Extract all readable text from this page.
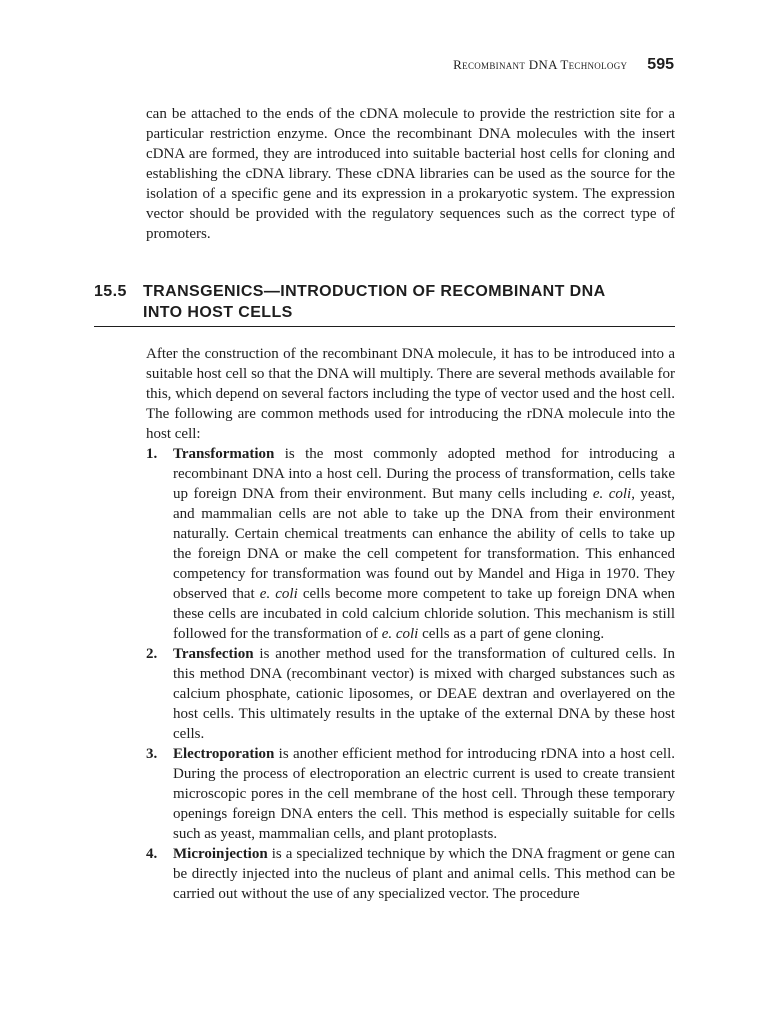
Recombinant DNA Technology 595

can be attached to the ends of the cDNA molecule to provide the restriction site for a particular restriction enzyme. Once the recombinant DNA molecules with the insert cDNA are formed, they are introduced into suitable bacterial host cells for cloning and establishing the cDNA library. These cDNA libraries can be used as the source for the isolation of a specific gene and its expression in a prokaryotic system. The expression vector should be provided with the regulatory sequences such as the correct type of promoters.

15.5 TRANSGENICS—INTRODUCTION OF RECOMBINANT DNA
INTO HOST CELLS

After the construction of the recombinant DNA molecule, it has to be introduced into a suitable host cell so that the DNA will multiply. There are several methods available for this, which depend on several factors including the type of vector used and the host cell. The following are common methods used for introducing the rDNA molecule into the host cell:

1. Transformation is the most commonly adopted method for introducing a recombinant DNA into a host cell. During the process of transformation, cells take up foreign DNA from their environment. But many cells including e. coli, yeast, and mammalian cells are not able to take up the DNA from their environment naturally. Certain chemical treatments can enhance the ability of cells to take up the foreign DNA or make the cell competent for transformation. This enhanced competency for transformation was found out by Mandel and Higa in 1970. They observed that e. coli cells become more competent to take up foreign DNA when these cells are incubated in cold calcium chloride solution. This mechanism is still followed for the transformation of e. coli cells as a part of gene cloning.
2. Transfection is another method used for the transformation of cultured cells. In this method DNA (recombinant vector) is mixed with charged substances such as calcium phosphate, cationic liposomes, or DEAE dextran and overlayered on the host cells. This ultimately results in the uptake of the external DNA by these host cells.
3. Electroporation is another efficient method for introducing rDNA into a host cell. During the process of electroporation an electric current is used to create transient microscopic pores in the cell membrane of the host cell. Through these temporary openings foreign DNA enters the cell. This method is especially suitable for cells such as yeast, mammalian cells, and plant protoplasts.
4. Microinjection is a specialized technique by which the DNA fragment or gene can be directly injected into the nucleus of plant and animal cells. This method can be carried out without the use of any specialized vector. The procedure
